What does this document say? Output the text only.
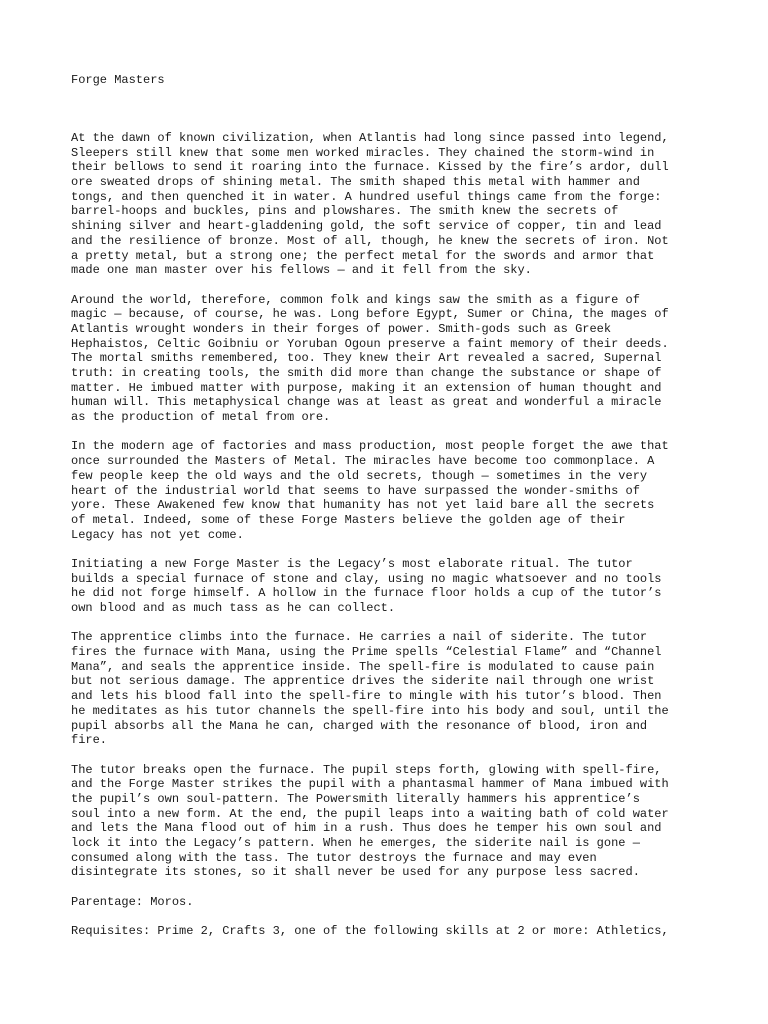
Forge Masters

At the dawn of known civilization, when Atlantis had long since passed into legend,
Sleepers still knew that some men worked miracles. They chained the storm-wind in
their bellows to send it roaring into the furnace. Kissed by the fire’s ardor, dull
ore sweated drops of shining metal. The smith shaped this metal with hammer and
tongs, and then quenched it in water. A hundred useful things came from the forge:
barrel-hoops and buckles, pins and plowshares. The smith knew the secrets of
shining silver and heart-gladdening gold, the soft service of copper, tin and lead
and the resilience of bronze. Most of all, though, he knew the secrets of iron. Not
a pretty metal, but a strong one; the perfect metal for the swords and armor that
made one man master over his fellows — and it fell from the sky.

Around the world, therefore, common folk and kings saw the smith as a figure of
magic — because, of course, he was. Long before Egypt, Sumer or China, the mages of
Atlantis wrought wonders in their forges of power. Smith-gods such as Greek
Hephaistos, Celtic Goibniu or Yoruban Ogoun preserve a faint memory of their deeds.
The mortal smiths remembered, too. They knew their Art revealed a sacred, Supernal
truth: in creating tools, the smith did more than change the substance or shape of
matter. He imbued matter with purpose, making it an extension of human thought and
human will. This metaphysical change was at least as great and wonderful a miracle
as the production of metal from ore.

In the modern age of factories and mass production, most people forget the awe that
once surrounded the Masters of Metal. The miracles have become too commonplace. A
few people keep the old ways and the old secrets, though — sometimes in the very
heart of the industrial world that seems to have surpassed the wonder-smiths of
yore. These Awakened few know that humanity has not yet laid bare all the secrets
of metal. Indeed, some of these Forge Masters believe the golden age of their
Legacy has not yet come.

Initiating a new Forge Master is the Legacy’s most elaborate ritual. The tutor
builds a special furnace of stone and clay, using no magic whatsoever and no tools
he did not forge himself. A hollow in the furnace floor holds a cup of the tutor’s
own blood and as much tass as he can collect.

The apprentice climbs into the furnace. He carries a nail of siderite. The tutor
fires the furnace with Mana, using the Prime spells “Celestial Flame” and “Channel
Mana”, and seals the apprentice inside. The spell-fire is modulated to cause pain
but not serious damage. The apprentice drives the siderite nail through one wrist
and lets his blood fall into the spell-fire to mingle with his tutor’s blood. Then
he meditates as his tutor channels the spell-fire into his body and soul, until the
pupil absorbs all the Mana he can, charged with the resonance of blood, iron and
fire.

The tutor breaks open the furnace. The pupil steps forth, glowing with spell-fire,
and the Forge Master strikes the pupil with a phantasmal hammer of Mana imbued with
the pupil’s own soul-pattern. The Powersmith literally hammers his apprentice’s
soul into a new form. At the end, the pupil leaps into a waiting bath of cold water
and lets the Mana flood out of him in a rush. Thus does he temper his own soul and
lock it into the Legacy’s pattern. When he emerges, the siderite nail is gone —
consumed along with the tass. The tutor destroys the furnace and may even
disintegrate its stones, so it shall never be used for any purpose less sacred.

Parentage: Moros.

Requisites: Prime 2, Crafts 3, one of the following skills at 2 or more: Athletics,
